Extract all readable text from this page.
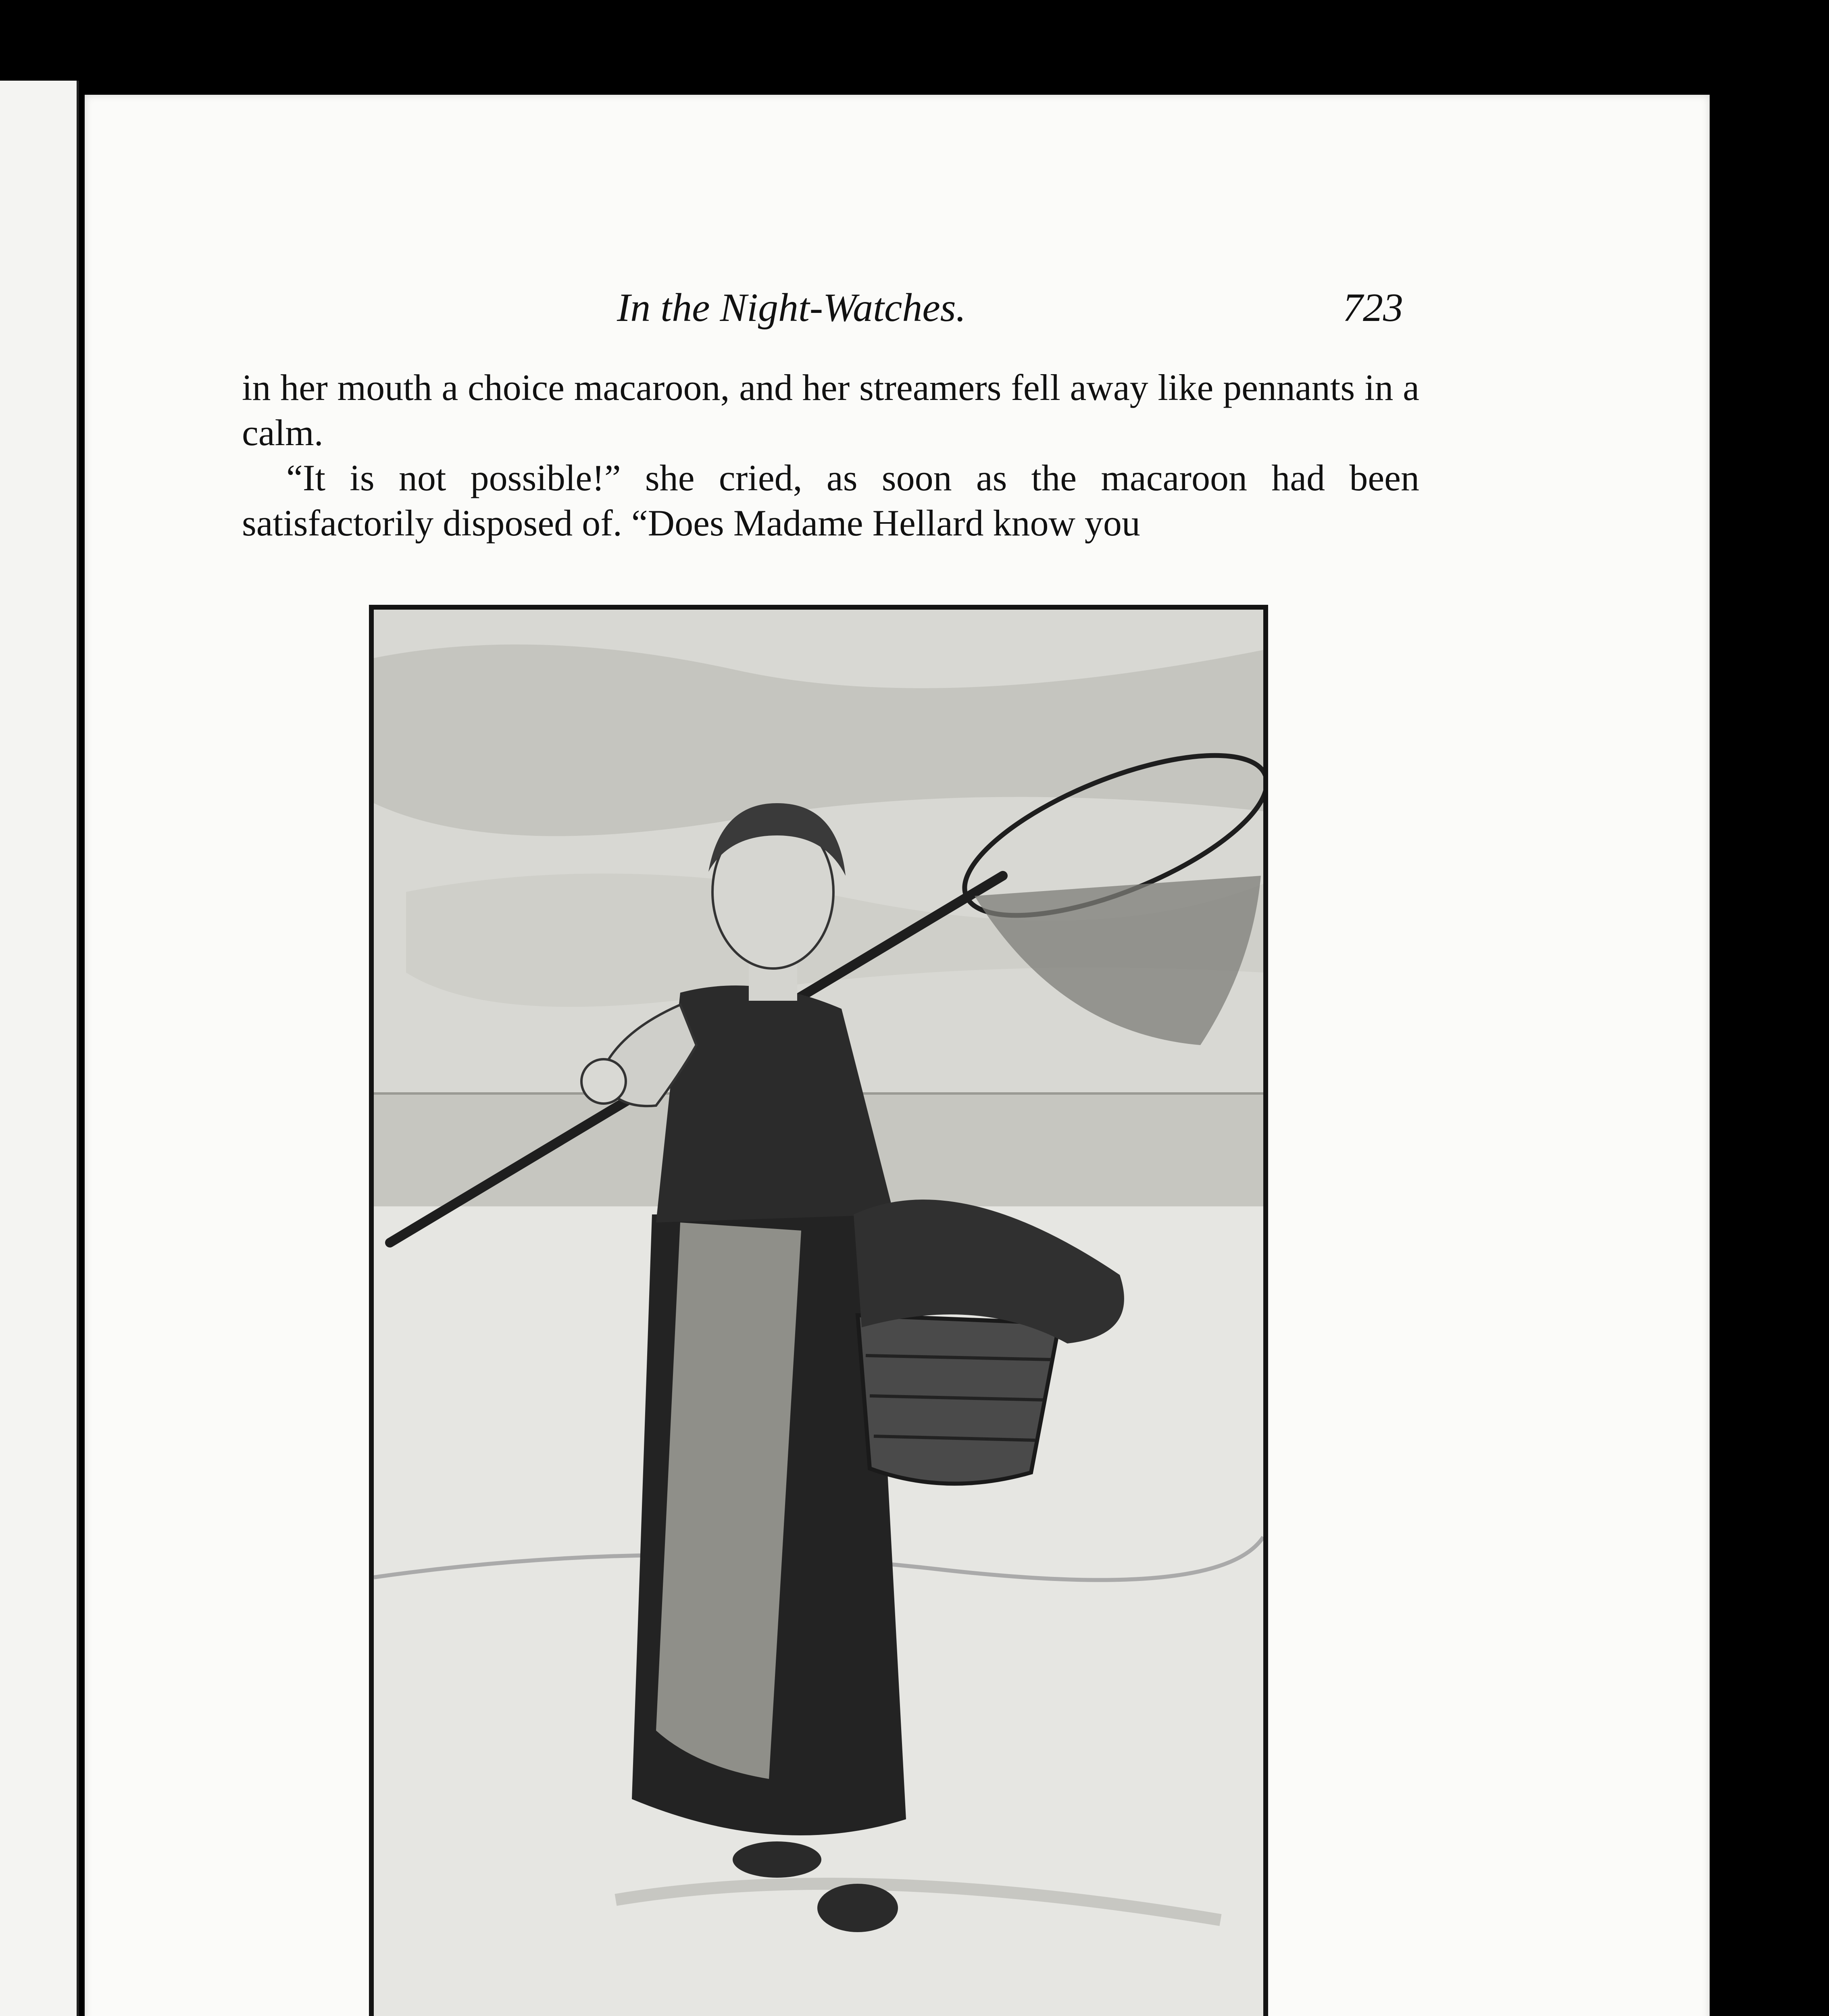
In the Night-Watches.	723

in her mouth a choice macaroon, and her streamers fell away like pennants in a calm.

“It is not possible!” she cried, as soon as the macaroon had been satisfactorily disposed of. “Does Madame Hellard know you
